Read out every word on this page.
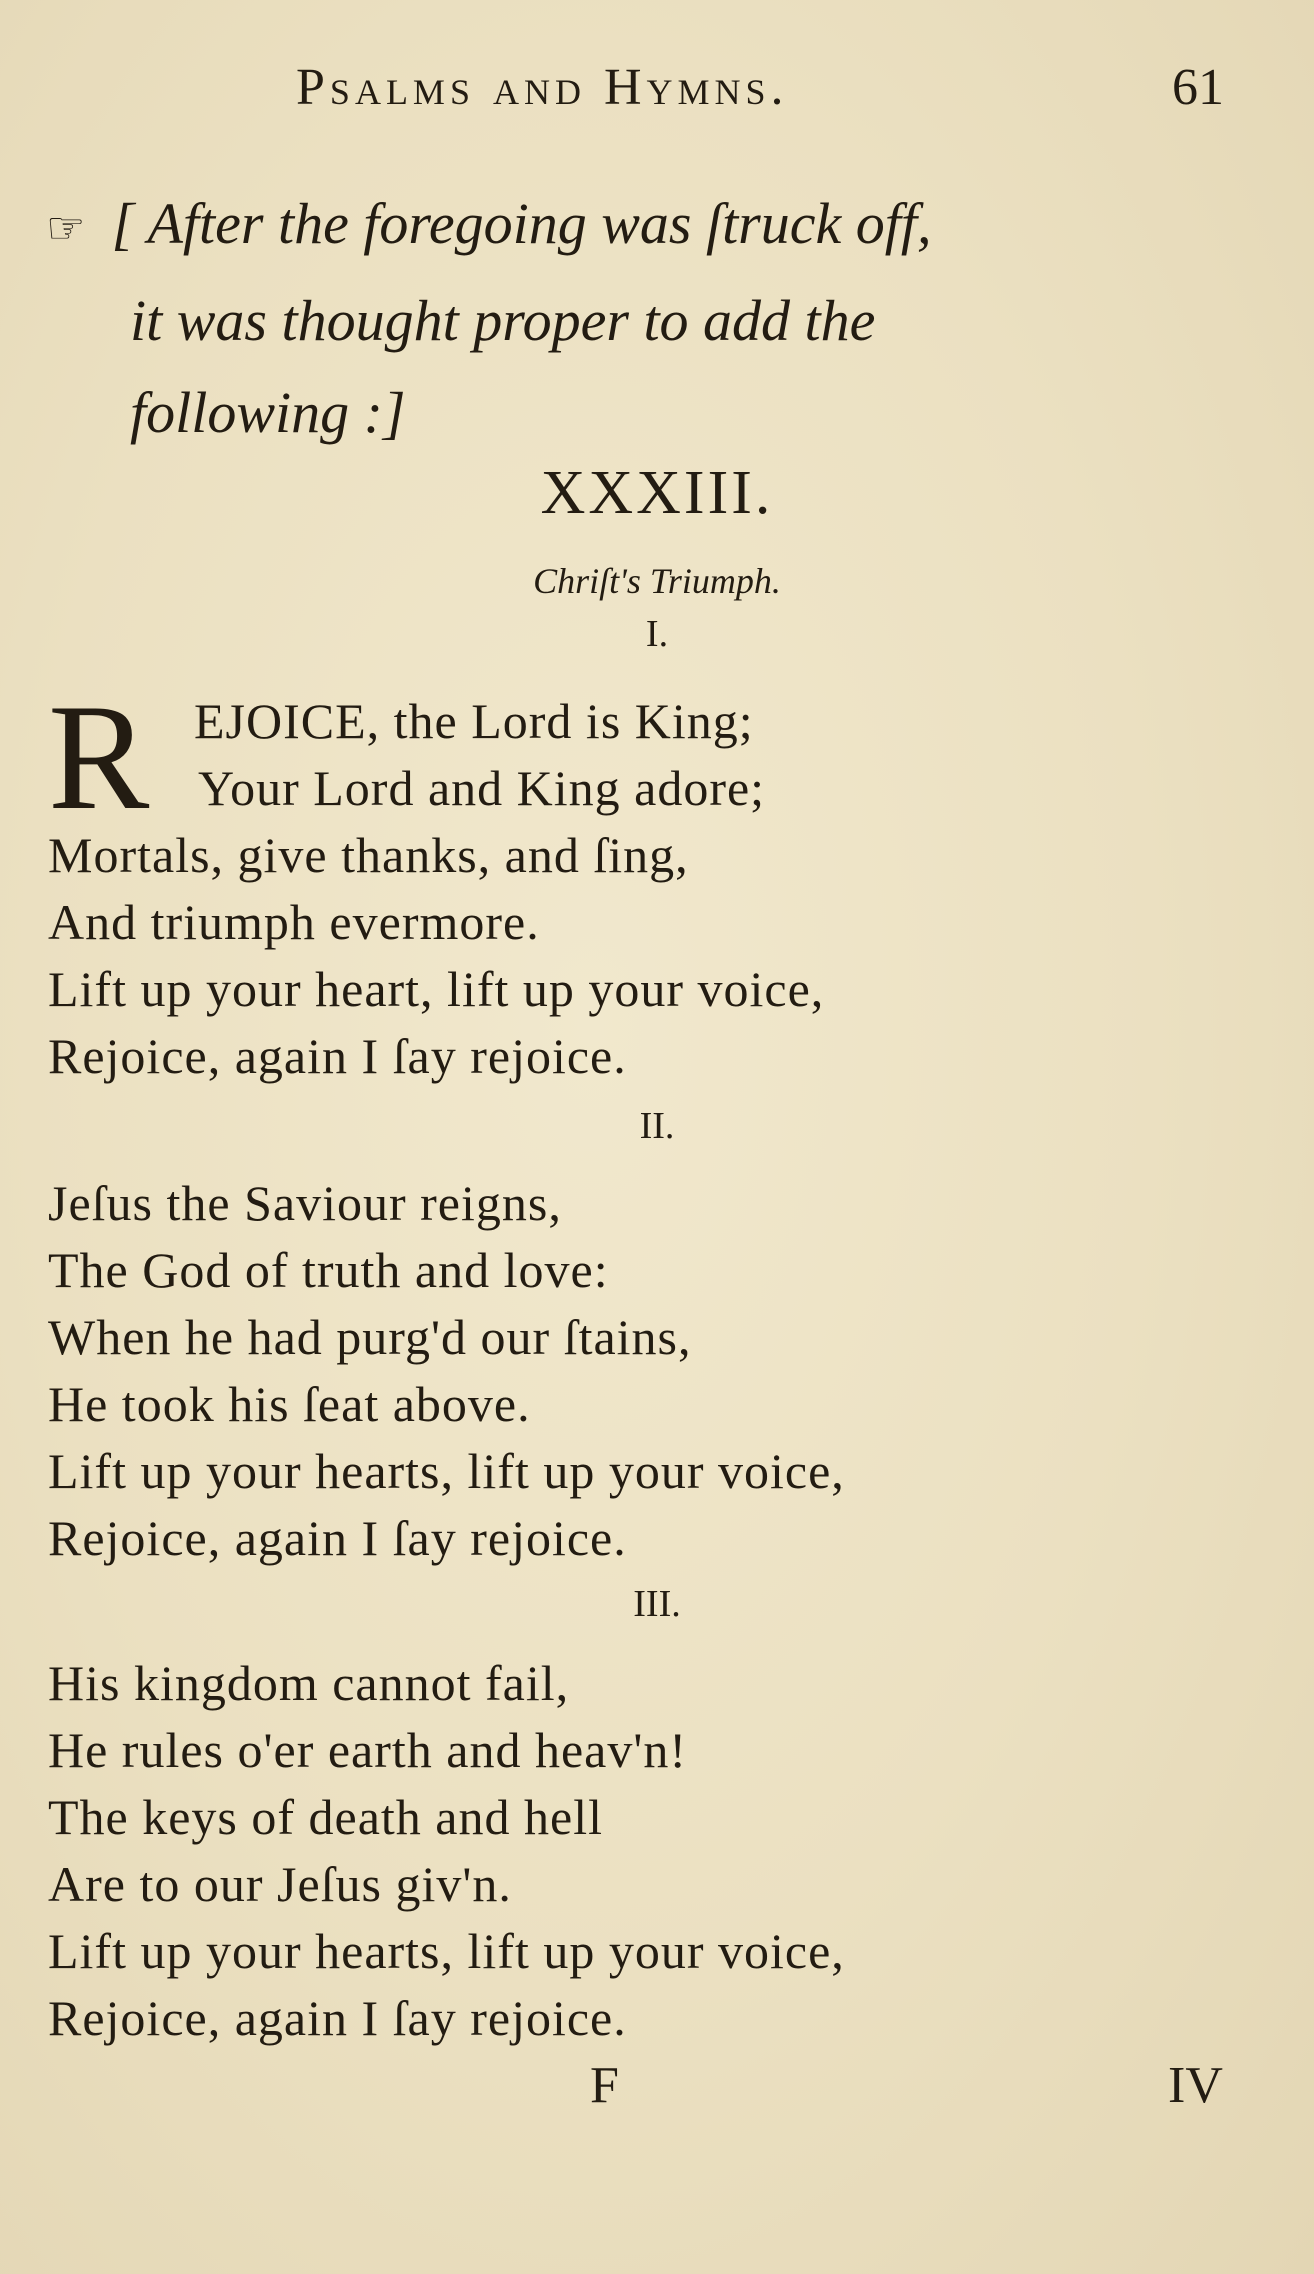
Psalms and Hymns.	61
☞ [ After the foregoing was ſtruck off,
it was thought proper to add the
following :]
XXXIII.
Chriſt's Triumph.
I.
R EJOICE, the Lord is King;
Your Lord and King adore;
Mortals, give thanks, and ſing,
And triumph evermore.
Lift up your heart, lift up your voice,
Rejoice, again I ſay rejoice.
II.
Jeſus the Saviour reigns,
The God of truth and love:
When he had purg'd our ſtains,
He took his ſeat above.
Lift up your hearts, lift up your voice,
Rejoice, again I ſay rejoice.
III.
His kingdom cannot fail,
He rules o'er earth and heav'n!
The keys of death and hell
Are to our Jeſus giv'n.
Lift up your hearts, lift up your voice,
Rejoice, again I ſay rejoice.
F	IV
